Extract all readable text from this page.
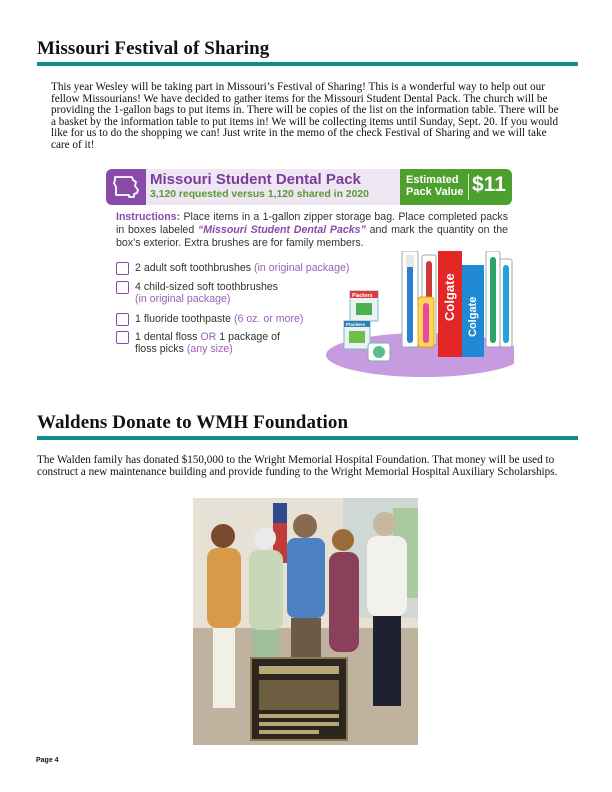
Missouri Festival of Sharing
This year Wesley will be taking part in Missouri’s Festival of Sharing! This is a wonderful way to help out our fellow Missourians! We have decided to gather items for the Missouri Student Dental Pack. The church will be providing the 1-gallon bags to put items in. There will be copies of the list on the information table. There will be a basket by the information table to put items in! We will be collecting items until Sunday, Sept. 20. If you would like for us to do the shopping we can! Just write in the memo of the check Festival of Sharing and we will take care of it!
Missouri Student Dental Pack
3,120 requested versus 1,120 shared in 2020
Estimated
Pack Value $11
Instructions: Place items in a 1-gallon zipper storage bag. Place completed packs in boxes labeled “Missouri Student Dental Packs” and mark the quantity on the box’s exterior. Extra brushes are for family members.
2 adult soft toothbrushes (in original package)
4 child-sized soft toothbrushes
(in original package)
1 fluoride toothpaste (6 oz. or more)
1 dental floss OR 1 package of
floss picks (any size)
Plackers
Plackers
Colgate Colgate
Waldens Donate to WMH Foundation
The Walden family has donated $150,000 to the Wright Memorial Hospital Foundation. That money will be used to construct a new maintenance building and provide funding to the Wright Memorial Hospital Auxiliary Scholarships.
Page 4
